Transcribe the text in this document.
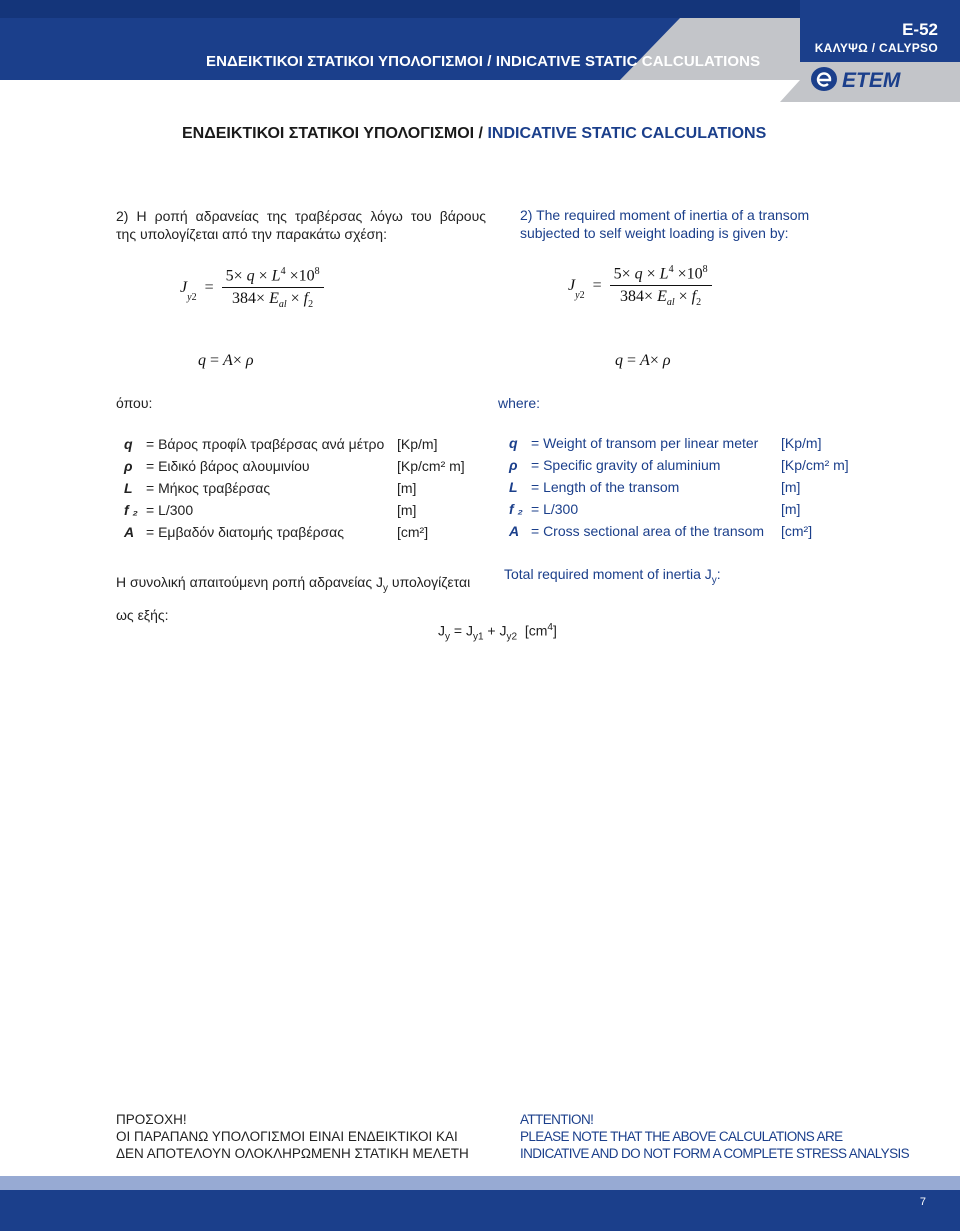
ΕΝΔΕΙΚΤΙΚΟΙ ΣΤΑΤΙΚΟΙ ΥΠΟΛΟΓΙΣΜΟΙ / INDICATIVE STATIC CALCULATIONS
E-52
ΚΑΛΥΨΩ / CALYPSO
ETEM
ΕΝΔΕΙΚΤΙΚΟΙ ΣΤΑΤΙΚΟΙ ΥΠΟΛΟΓΙΣΜΟΙ / INDICATIVE STATIC CALCULATIONS
2) Η ροπή αδρανείας της τραβέρσας λόγω του βάρους
της υπολογίζεται από την παρακάτω σχέση:
2) The required moment of inertia of a transom
subjected to self weight loading is given by:
$J_{y2} = \frac{5\times q \times L^4 \times 10^8}{384\times E_{al} \times f_2}$
q = A× ρ
$J_{y2} = \frac{5\times q \times L^4 \times 10^8}{384\times E_{al} \times f_2}$
q = A× ρ
όπου:	where:
q = Βάρος προφίλ τραβέρσας ανά μέτρο [Kp/m]
ρ = Ειδικό βάρος αλουμινίου	[Kp/cm² m]
L = Μήκος τραβέρσας	[m]
f ₂ = L/300	[m]
A = Εμβαδόν διατομής τραβέρσας	[cm²]
q = Weight of transom per linear meter [Kp/m]
ρ = Specific gravity of aluminium	[Kp/cm² m]
L = Length of the transom	[m]
f ₂ = L/300	[m]
A = Cross sectional area of the transom [cm²]
Η συνολική απαιτούμενη ροπή αδρανείας $J_y$ υπολογίζεται
ως εξής:
Total required moment of inertia $J_y$:
$J_y = J_{y1} + J_{y2}$  $[cm^4]$
ΠΡΟΣΟΧΗ!
ΟΙ ΠΑΡΑΠΑΝΩ ΥΠΟΛΟΓΙΣΜΟΙ ΕΙΝΑΙ ΕΝΔΕΙΚΤΙΚΟΙ ΚΑΙ
ΔΕΝ ΑΠΟΤΕΛΟΥΝ ΟΛΟΚΛΗΡΩΜΕΝΗ ΣΤΑΤΙΚΗ ΜΕΛΕΤΗ
ATTENTION!
PLEASE NOTE THAT THE ABOVE CALCULATIONS ARE
INDICATIVE AND DO NOT FORM A COMPLETE STRESS ANALYSIS
7
